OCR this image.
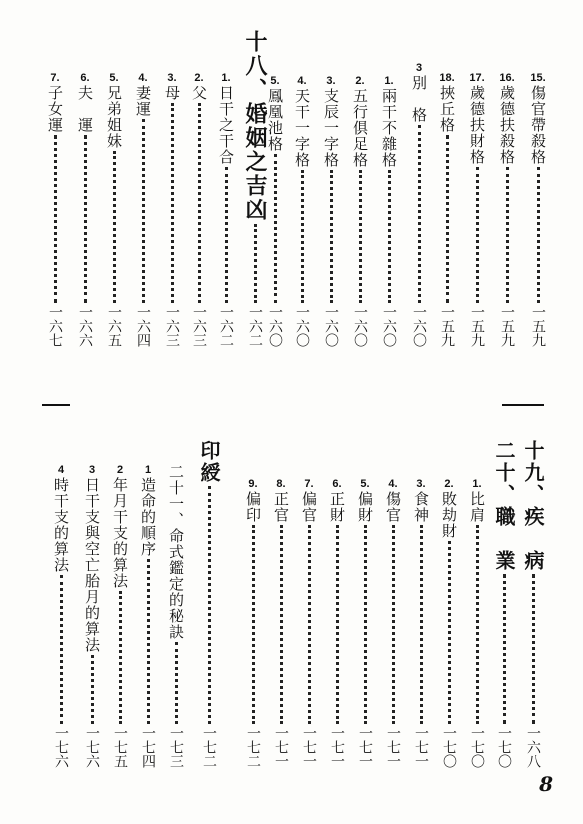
15.
傷官帶殺格
一五九
16.
歲德扶殺格
一五九
17.
歲德扶財格
一五九
18.
挾丘格
一五九
3
別　格
一六〇
1.
兩干不雜格
一六〇
2.
五行俱足格
一六〇
3.
支辰一字格
一六〇
4.
天干一字格
一六〇
5.
鳳凰池格
一六〇
十八、婚姻之吉凶
一六二
1.
日干之干合
一六二
2.
父
一六三
3.
母
一六三
4.
妻運
一六四
5.
兄弟姐妹
一六五
6.
夫　運
一六六
7.
子女運
一六七
十九、疾　病
一六八
二十、職　業
一七〇
1.
比肩
一七〇
2.
敗劫財
一七〇
3.
食神
一七一
4.
傷官
一七一
5.
偏財
一七一
6.
正財
一七一
7.
偏官
一七一
8.
正官
一七一
9.
偏印
一七二
印綬
一七二
二十一、命式鑑定的秘訣
一七三
1
造命的順序
一七四
2
年月干支的算法
一七五
3
日干支與空亡胎月的算法
一七六
4
時干支的算法
一七六
8
